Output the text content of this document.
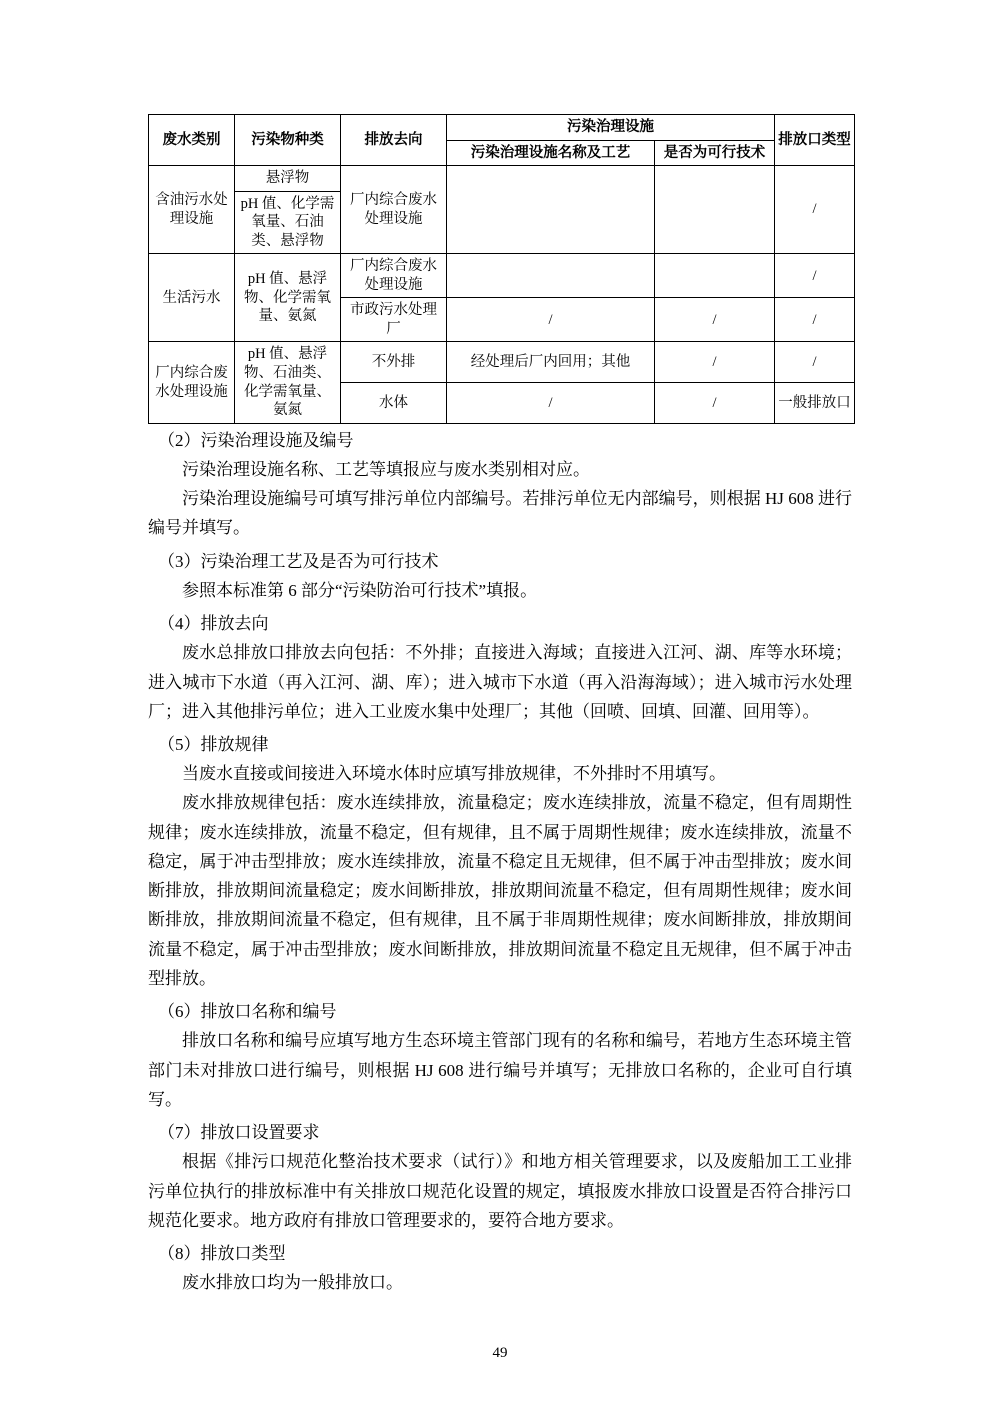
废水类别	污染物种类	排放去向	污染治理设施		排放口类型
			污染治理设施名称及工艺	是否为可行技术	
含油污水处理设施	悬浮物	厂内综合废水处理设施			/
	pH 值、化学需氧量、石油类、悬浮物				
生活污水	pH 值、悬浮物、化学需氧量、氨氮	厂内综合废水处理设施			/
		市政污水处理厂	/	/	/
厂内综合废水处理设施	pH 值、悬浮物、石油类、化学需氧量、氨氮	不外排	经处理后厂内回用；其他	/	/
		水体	/	/	一般排放口
（2）污染治理设施及编号
污染治理设施名称、工艺等填报应与废水类别相对应。
污染治理设施编号可填写排污单位内部编号。若排污单位无内部编号，则根据 HJ 608 进行编号并填写。
（3）污染治理工艺及是否为可行技术
参照本标准第 6 部分“污染防治可行技术”填报。
（4）排放去向
废水总排放口排放去向包括：不外排；直接进入海域；直接进入江河、湖、库等水环境；进入城市下水道（再入江河、湖、库）；进入城市下水道（再入沿海海域）；进入城市污水处理厂；进入其他排污单位；进入工业废水集中处理厂；其他（回喷、回填、回灌、回用等）。
（5）排放规律
当废水直接或间接进入环境水体时应填写排放规律，不外排时不用填写。
废水排放规律包括：废水连续排放，流量稳定；废水连续排放，流量不稳定，但有周期性规律；废水连续排放，流量不稳定，但有规律，且不属于周期性规律；废水连续排放，流量不稳定，属于冲击型排放；废水连续排放，流量不稳定且无规律，但不属于冲击型排放；废水间断排放，排放期间流量稳定；废水间断排放，排放期间流量不稳定，但有周期性规律；废水间断排放，排放期间流量不稳定，但有规律，且不属于非周期性规律；废水间断排放，排放期间流量不稳定，属于冲击型排放；废水间断排放，排放期间流量不稳定且无规律，但不属于冲击型排放。
（6）排放口名称和编号
排放口名称和编号应填写地方生态环境主管部门现有的名称和编号，若地方生态环境主管部门未对排放口进行编号，则根据 HJ 608 进行编号并填写；无排放口名称的，企业可自行填写。
（7）排放口设置要求
根据《排污口规范化整治技术要求（试行）》和地方相关管理要求，以及废船加工工业排污单位执行的排放标准中有关排放口规范化设置的规定，填报废水排放口设置是否符合排污口规范化要求。地方政府有排放口管理要求的，要符合地方要求。
（8）排放口类型
废水排放口均为一般排放口。
49
